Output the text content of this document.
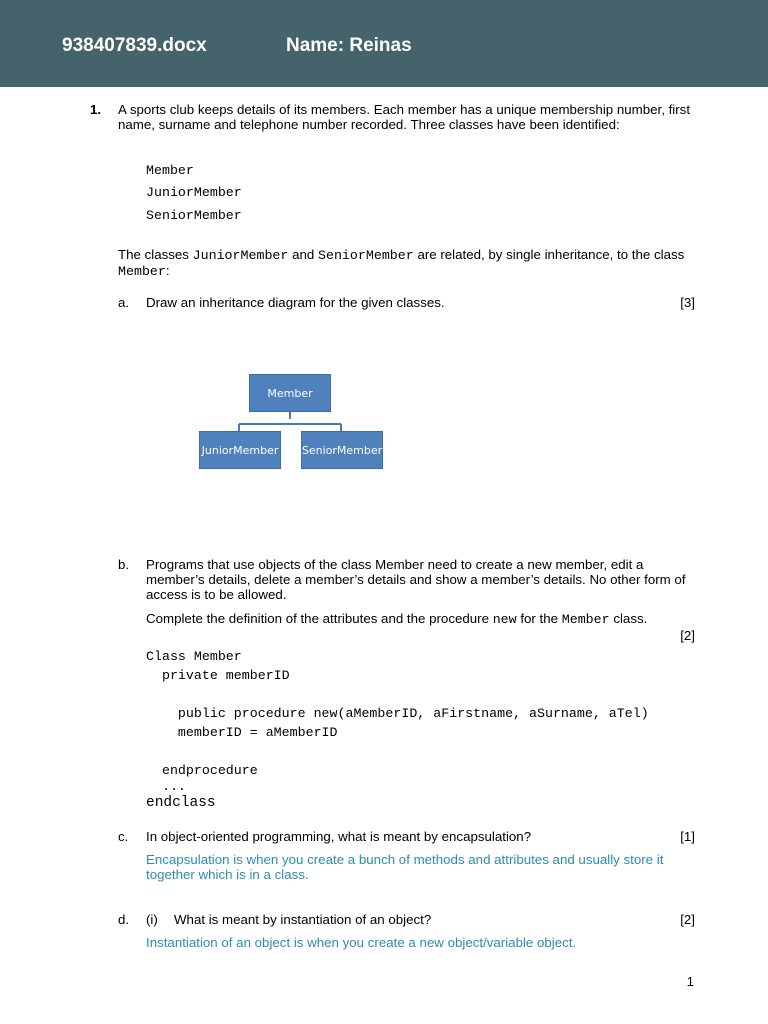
938407839.docx	Name: Reinas
1. A sports club keeps details of its members. Each member has a unique membership number, first name, surname and telephone number recorded. Three classes have been identified:
Member
JuniorMember
SeniorMember
The classes JuniorMember and SeniorMember are related, by single inheritance, to the class Member:
a. Draw an inheritance diagram for the given classes.	[3]
Member
JuniorMember SeniorMember
b. Programs that use objects of the class Member need to create a new member, edit a member’s details, delete a member’s details and show a member’s details. No other form of access is to be allowed.
Complete the definition of the attributes and the procedure new for the Member class.
[2]
Class Member
private memberID

public procedure new(aMemberID, aFirstname, aSurname, aTel)
memberID = aMemberID

endprocedure
...
endclass
c. In object-oriented programming, what is meant by encapsulation?	[1]
Encapsulation is when you create a bunch of methods and attributes and usually store it together which is in a class.
d. (i) What is meant by instantiation of an object?	[2]
Instantiation of an object is when you create a new object/variable object.
1
